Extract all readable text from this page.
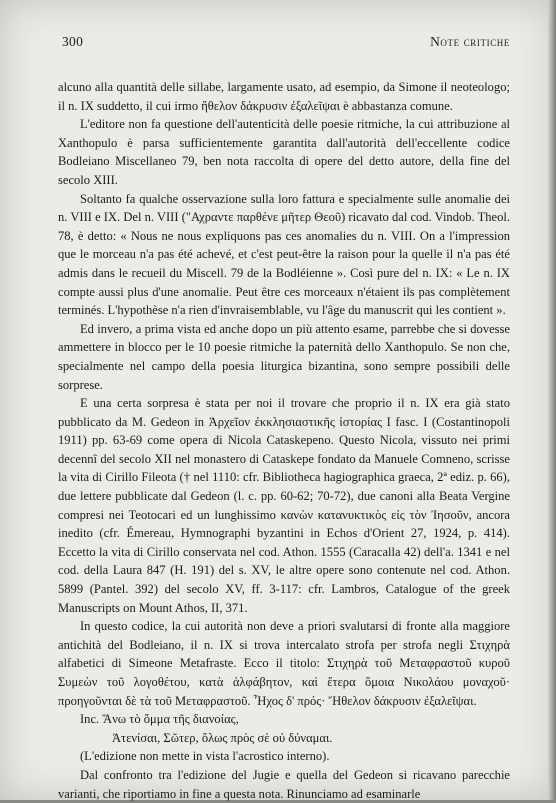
300	Note critiche

alcuno alla quantità delle sillabe, largamente usato, ad esempio, da Simone il neoteologo; il n. IX suddetto, il cui irmo ἤθελον δάκρυσιν ἐξαλεῖψαι è abbastanza comune.

L'editore non fa questione dell'autenticità delle poesie ritmiche, la cui attribuzione al Xanthopulo è parsa sufficientemente garantita dall'autorità dell'eccellente codice Bodleiano Miscellaneo 79, ben nota raccolta di opere del detto autore, della fine del secolo XIII.

Soltanto fa qualche osservazione sulla loro fattura e specialmente sulle anomalie dei n. VIII e IX. Del n. VIII ("Αχραντε παρθένε μῆτερ Θεοῦ) ricavato dal cod. Vindob. Theol. 78, è detto: « Nous ne nous expliquons pas ces anomalies du n. VIII. On a l'impression que le morceau n'a pas été achevé, et c'est peut-être la raison pour la quelle il n'a pas été admis dans le recueil du Miscell. 79 de la Bodléienne ». Così pure del n. IX: « Le n. IX compte aussi plus d'une anomalie. Peut être ces morceaux n'étaient ils pas complètement terminés. L'hypothèse n'a rien d'invraisemblable, vu l'âge du manuscrit qui les contient ».

Ed invero, a prima vista ed anche dopo un più attento esame, parrebbe che si dovesse ammettere in blocco per le 10 poesie ritmiche la paternità dello Xanthopulo. Se non che, specialmente nel campo della poesia liturgica bizantina, sono sempre possibili delle sorprese.

E una certa sorpresa è stata per noi il trovare che proprio il n. IX era già stato pubblicato da M. Gedeon in Ἀρχεῖον ἐκκλησιαστικῆς ἱστορίας I fasc. I (Costantinopoli 1911) pp. 63-69 come opera di Nicola Cataskepeno. Questo Nicola, vissuto nei primi decennî del secolo XII nel monastero di Cataskepe fondato da Manuele Comneno, scrisse la vita di Cirillo Fileota († nel 1110: cfr. Bibliotheca hagiographica graeca, 2ª ediz. p. 66), due lettere pubblicate dal Gedeon (l. c. pp. 60-62; 70-72), due canoni alla Beata Vergine compresi nei Teotocari ed un lunghissimo κανὼν κατανυκτικὸς εἰς τὸν Ἰησοῦν, ancora inedito (cfr. Émereau, Hymnographi byzantini in Echos d'Orient 27, 1924, p. 414). Eccetto la vita di Cirillo conservata nel cod. Athon. 1555 (Caracalla 42) dell'a. 1341 e nel cod. della Laura 847 (H. 191) del s. XV, le altre opere sono contenute nel cod. Athon. 5899 (Pantel. 392) del secolo XV, ff. 3-117: cfr. Lambros, Catalogue of the greek Manuscripts on Mount Athos, II, 371.

In questo codice, la cui autorità non deve a priori svalutarsi di fronte alla maggiore antichità del Bodleiano, il n. IX si trova intercalato strofa per strofa negli Στιχηρὰ alfabetici di Simeone Metafraste. Ecco il titolo: Στιχηρὰ τοῦ Μεταφραστοῦ κυροῦ Συμεὼν τοῦ λογοθέτου, κατὰ ἀλφάβητον, καὶ ἕτερα ὅμοια Νικολάου μοναχοῦ· προηγοῦνται δὲ τὰ τοῦ Μεταφραστοῦ. Ἦχος δ' πρός· Ἤθελον δάκρυσιν ἐξαλεῖψαι.

Inc. Ἄνω τὸ ὄμμα τῆς διανοίας,

Ἀτενίσαι, Σῶτερ, ὅλως πρὸς σὲ οὐ δύναμαι.

(L'edizione non mette in vista l'acrostico interno).

Dal confronto tra l'edizione del Jugie e quella del Gedeon si ricavano parecchie varianti, che riportiamo in fine a questa nota. Rinunciamo ad esaminarle
